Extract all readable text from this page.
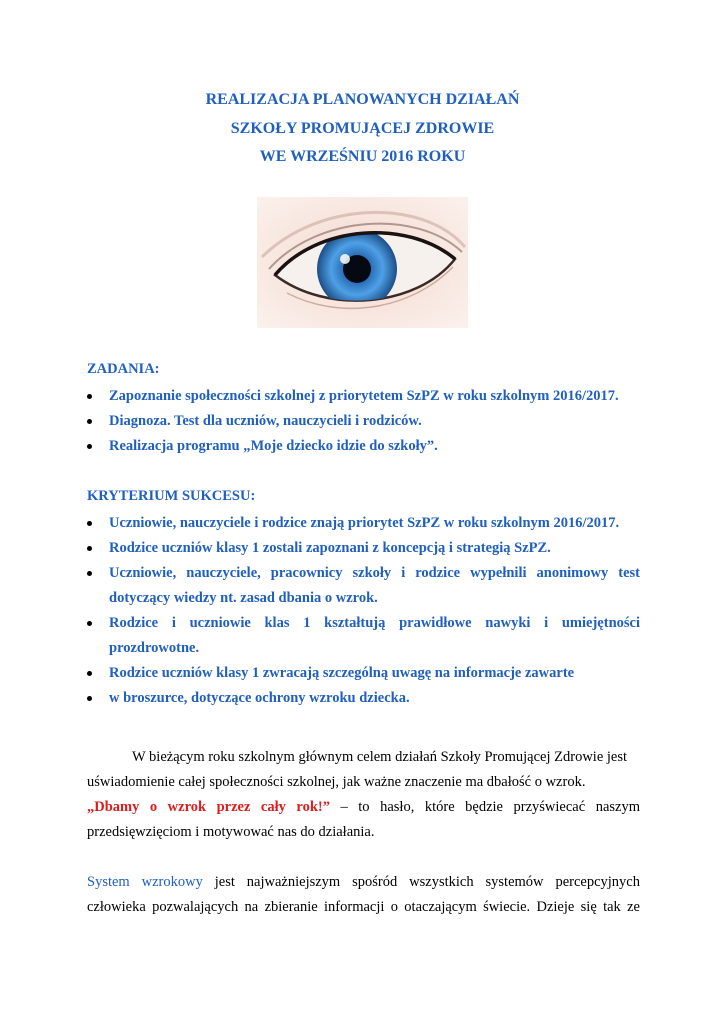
REALIZACJA PLANOWANYCH DZIAŁAŃ
SZKOŁY PROMUJĄCEJ ZDROWIE
WE WRZEŚNIU 2016 ROKU
ZADANIA:
Zapoznanie społeczności szkolnej z priorytetem SzPZ w roku szkolnym 2016/2017.
Diagnoza. Test dla uczniów, nauczycieli i rodziców.
Realizacja programu „Moje dziecko idzie do szkoły”.
KRYTERIUM SUKCESU:
Uczniowie, nauczyciele i rodzice znają priorytet SzPZ w roku szkolnym 2016/2017.
Rodzice uczniów klasy 1 zostali zapoznani z koncepcją i strategią SzPZ.
Uczniowie, nauczyciele, pracownicy szkoły i rodzice wypełnili anonimowy test dotyczący wiedzy nt. zasad dbania o wzrok.
Rodzice i uczniowie klas 1 kształtują prawidłowe nawyki i umiejętności prozdrowotne.
Rodzice uczniów klasy 1 zwracają szczególną uwagę na informacje zawarte
w broszurce, dotyczące ochrony wzroku dziecka.
W bieżącym roku szkolnym głównym celem działań Szkoły Promującej Zdrowie jest
uświadomienie całej społeczności szkolnej, jak ważne znaczenie ma dbałość o wzrok.
„Dbamy o wzrok przez cały rok!” – to hasło, które będzie przyświecać naszym
przedsięwzięciom i motywować nas do działania.
System wzrokowy jest najważniejszym spośród wszystkich systemów percepcyjnych
człowieka pozwalających na zbieranie informacji o otaczającym świecie. Dzieje się tak ze
